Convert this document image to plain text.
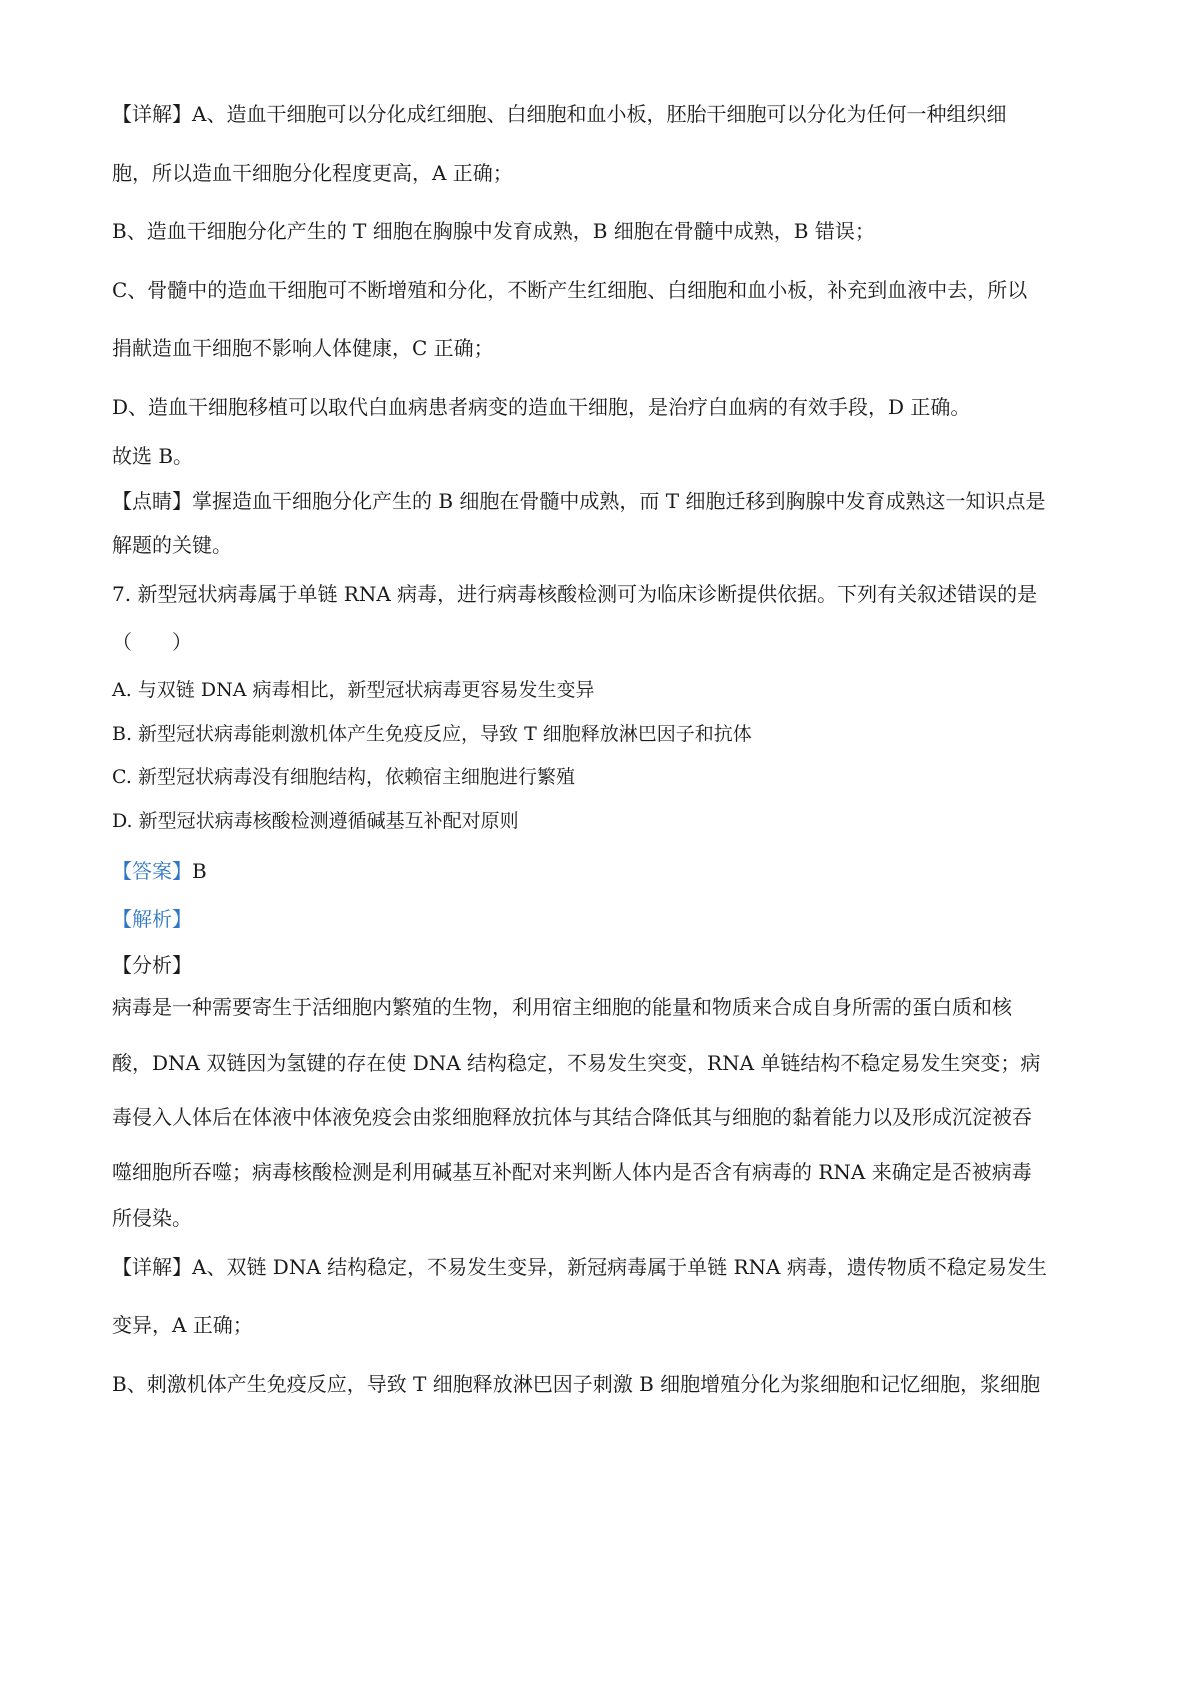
【详解】A、造血干细胞可以分化成红细胞、白细胞和血小板，胚胎干细胞可以分化为任何一种组织细
胞，所以造血干细胞分化程度更高，A 正确；
B、造血干细胞分化产生的 T 细胞在胸腺中发育成熟，B 细胞在骨髓中成熟，B 错误；
C、骨髓中的造血干细胞可不断增殖和分化，不断产生红细胞、白细胞和血小板，补充到血液中去，所以
捐献造血干细胞不影响人体健康，C 正确；
D、造血干细胞移植可以取代白血病患者病变的造血干细胞，是治疗白血病的有效手段，D 正确。
故选 B。
【点睛】掌握造血干细胞分化产生的 B 细胞在骨髓中成熟，而 T 细胞迁移到胸腺中发育成熟这一知识点是
解题的关键。
7. 新型冠状病毒属于单链 RNA 病毒，进行病毒核酸检测可为临床诊断提供依据。下列有关叙述错误的是
（　　）
A. 与双链 DNA 病毒相比，新型冠状病毒更容易发生变异
B. 新型冠状病毒能刺激机体产生免疫反应，导致 T 细胞释放淋巴因子和抗体
C. 新型冠状病毒没有细胞结构，依赖宿主细胞进行繁殖
D. 新型冠状病毒核酸检测遵循碱基互补配对原则
【答案】B
【解析】
【分析】
病毒是一种需要寄生于活细胞内繁殖的生物，利用宿主细胞的能量和物质来合成自身所需的蛋白质和核
酸，DNA 双链因为氢键的存在使 DNA 结构稳定，不易发生突变，RNA 单链结构不稳定易发生突变；病
毒侵入人体后在体液中体液免疫会由浆细胞释放抗体与其结合降低其与细胞的黏着能力以及形成沉淀被吞
噬细胞所吞噬；病毒核酸检测是利用碱基互补配对来判断人体内是否含有病毒的 RNA 来确定是否被病毒
所侵染。
【详解】A、双链 DNA 结构稳定，不易发生变异，新冠病毒属于单链 RNA 病毒，遗传物质不稳定易发生
变异，A 正确；
B、刺激机体产生免疫反应，导致 T 细胞释放淋巴因子刺激 B 细胞增殖分化为浆细胞和记忆细胞，浆细胞
